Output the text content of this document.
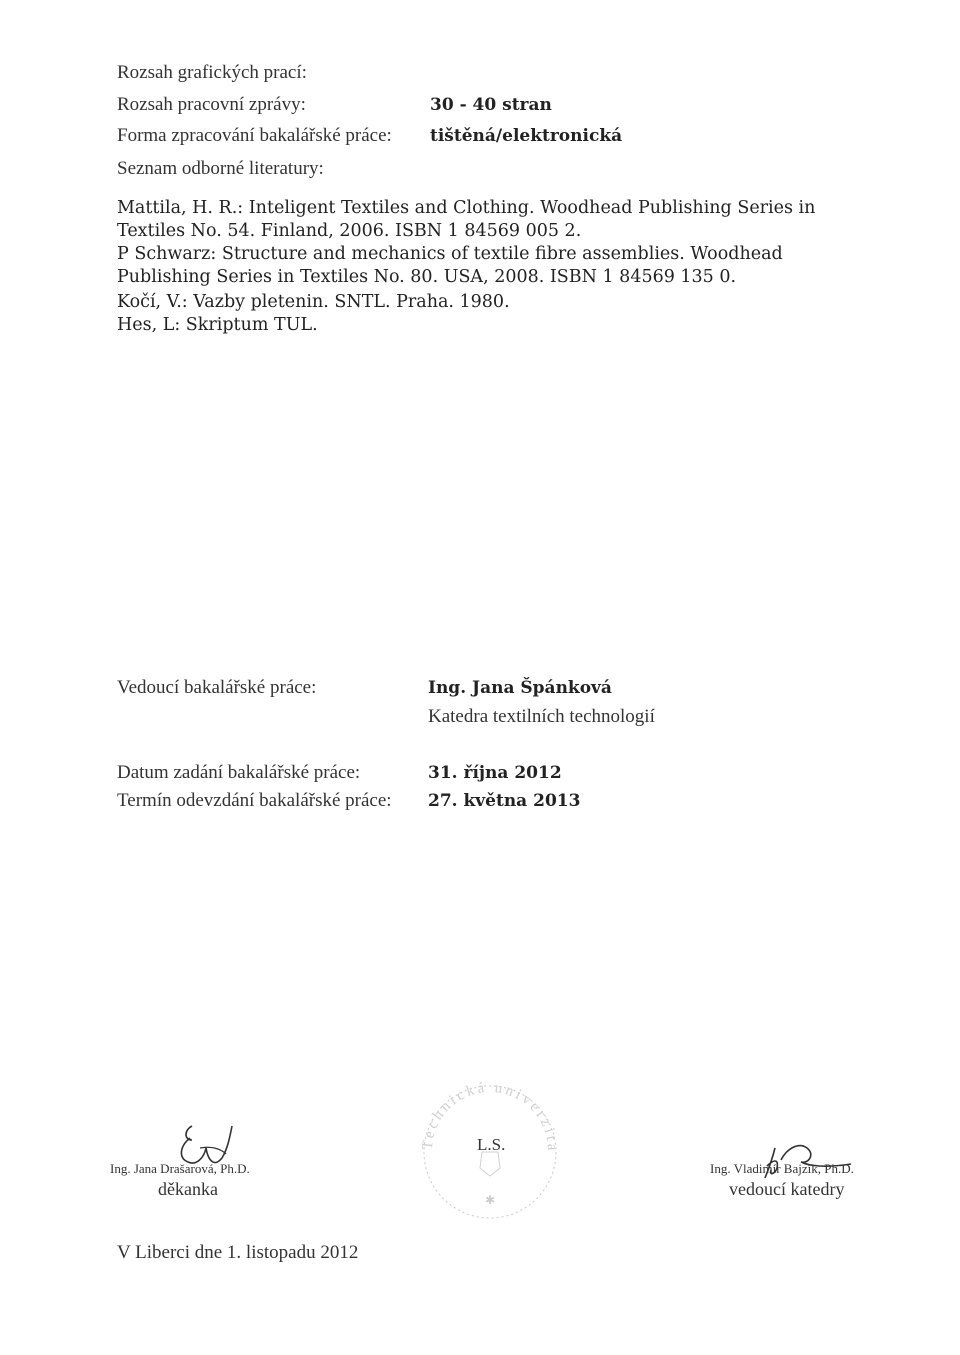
Rozsah grafických prací:
Rozsah pracovní zprávy:	30 - 40 stran
Forma zpracování bakalářské práce: tištěná/elektronická
Seznam odborné literatury:
Mattila, H. R.: Inteligent Textiles and Clothing. Woodhead Publishing Series in
Textiles No. 54. Finland, 2006. ISBN 1 84569 005 2.
P Schwarz: Structure and mechanics of textile fibre assemblies. Woodhead
Publishing Series in Textiles No. 80. USA, 2008. ISBN 1 84569 135 0.
Kočí, V.: Vazby pletenin. SNTL. Praha. 1980.
Hes, L: Skriptum TUL.
Vedoucí bakalářské práce:	Ing. Jana Špánková
Katedra textilních technologií
Datum zadání bakalářské práce:	31. října 2012
Termín odevzdání bakalářské práce: 27. května 2013
Ing. Jana Drašarová, Ph.D.
děkanka
Technická univerzita v Liberci
✱
L.S.
Ing. Vladimír Bajzík, Ph.D.
vedoucí katedry
V Liberci dne 1. listopadu 2012
